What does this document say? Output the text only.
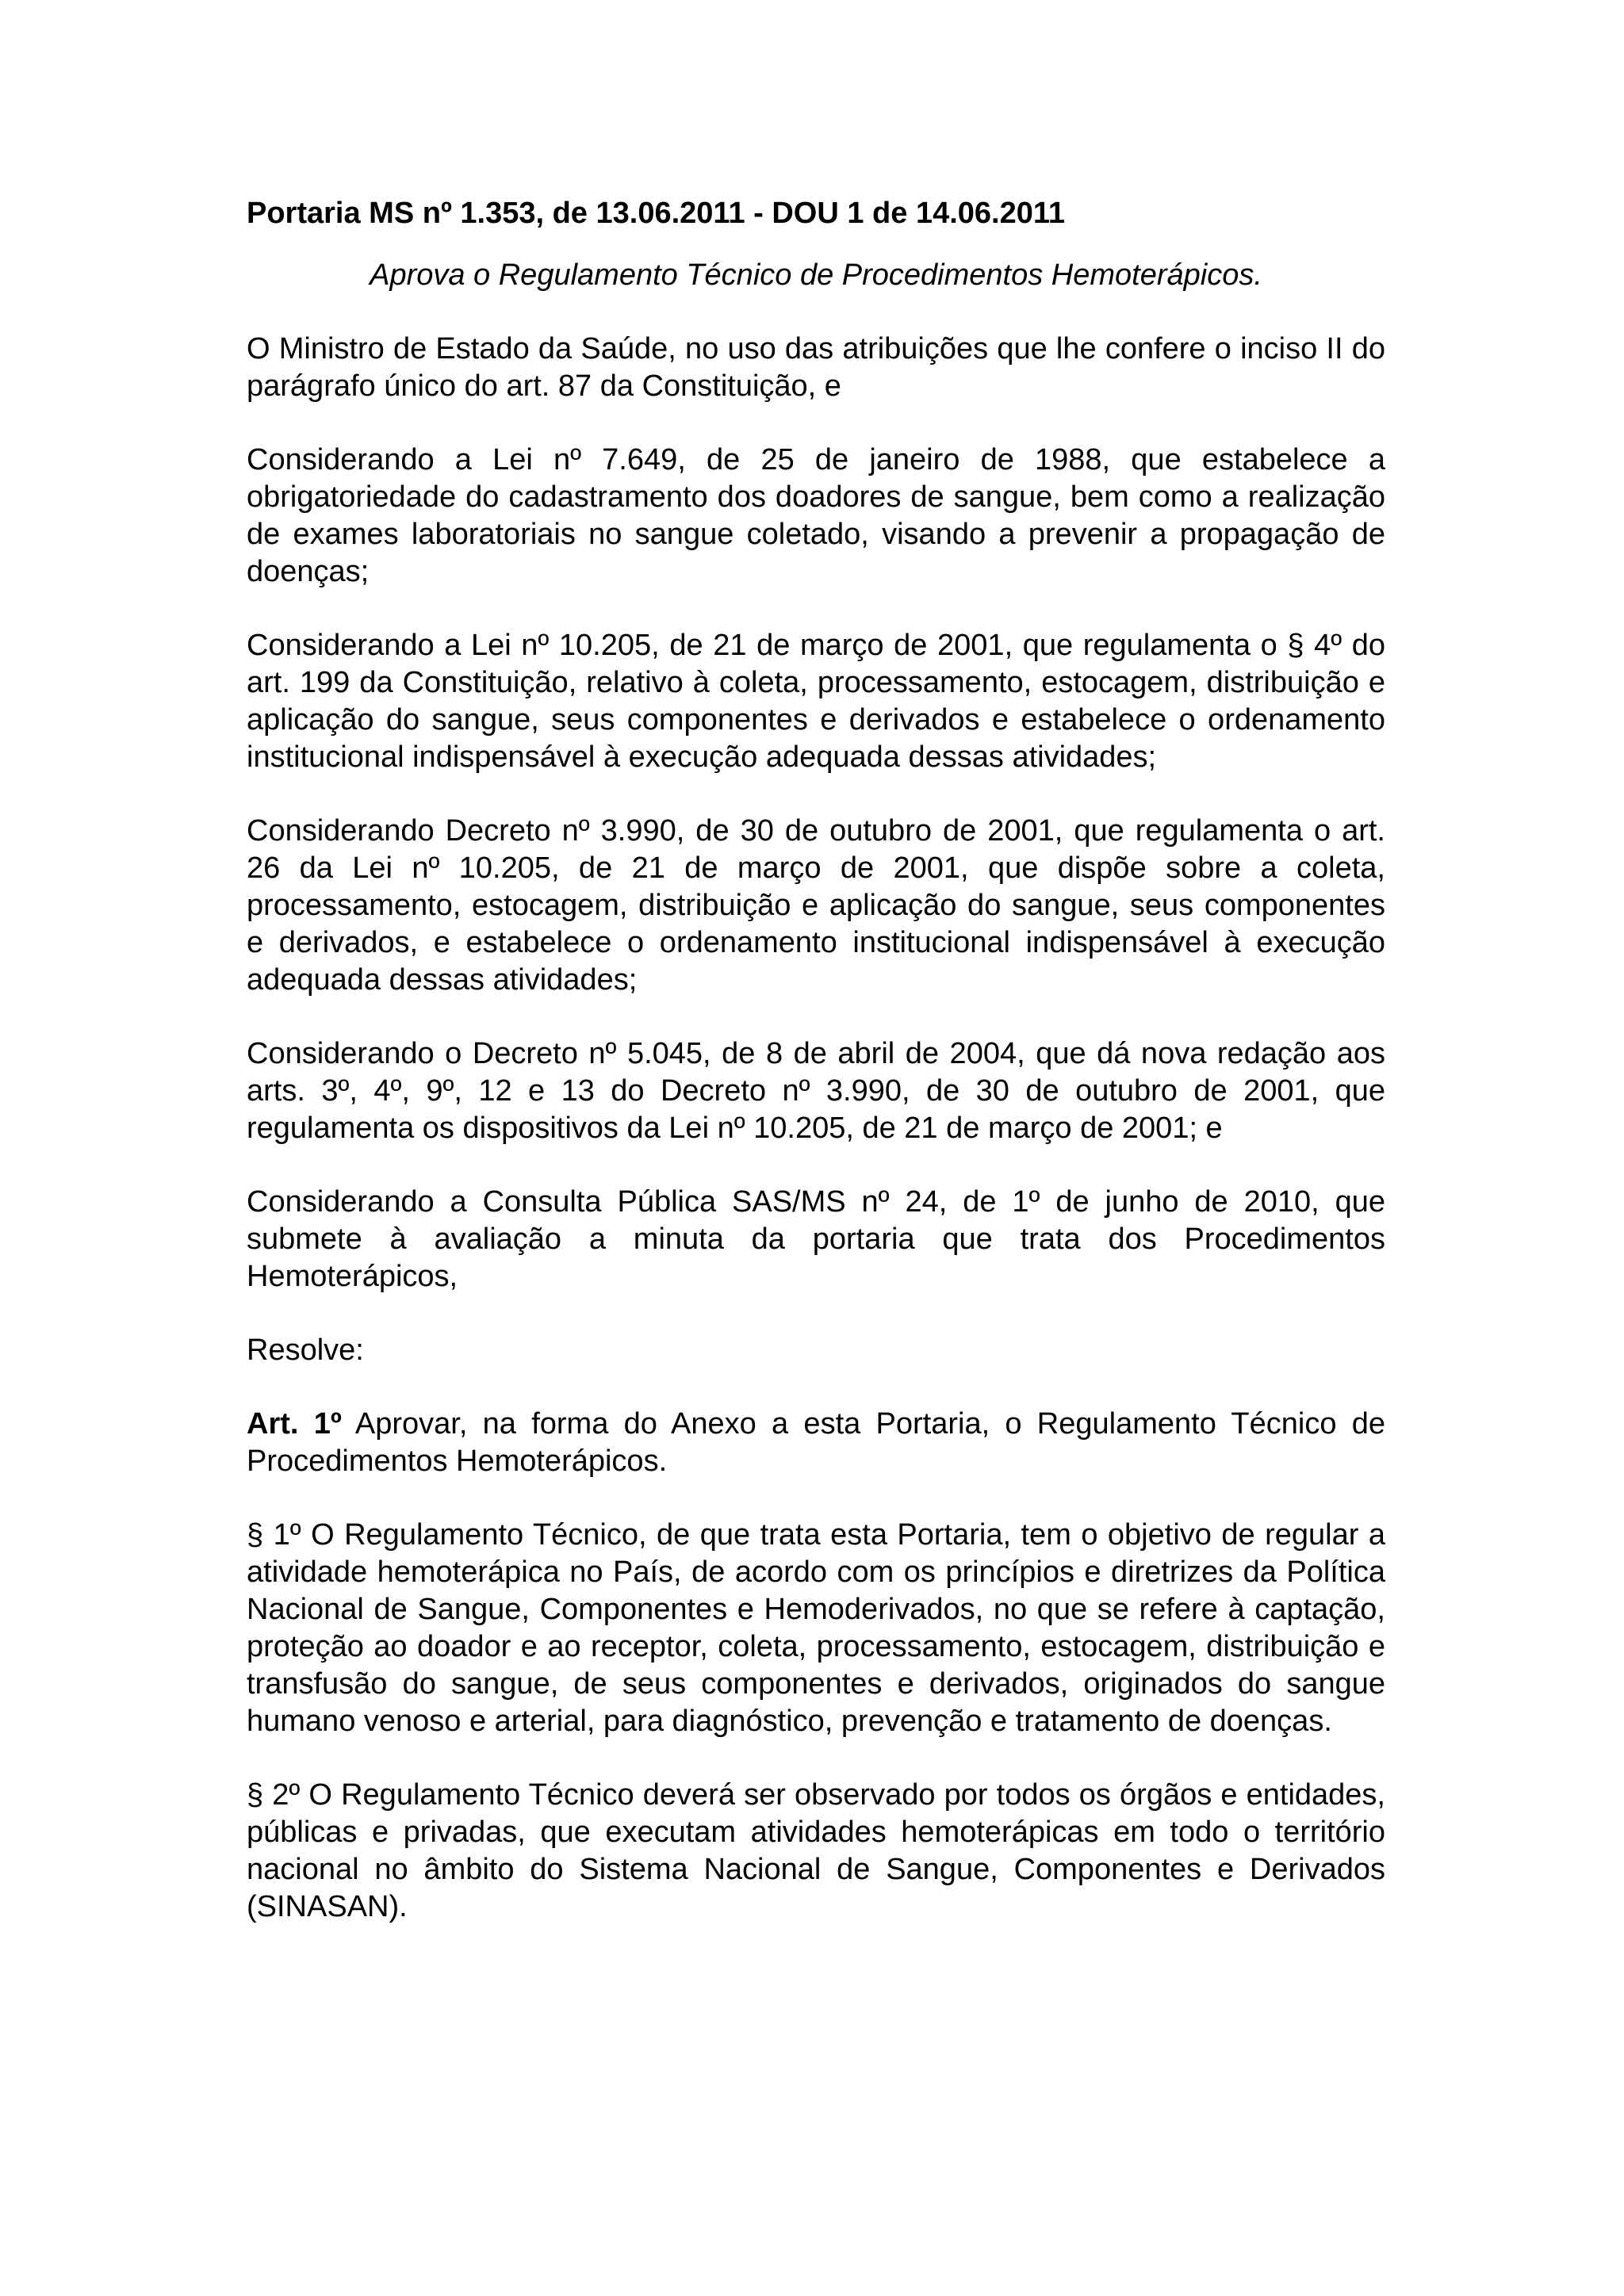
Portaria MS nº 1.353, de 13.06.2011 - DOU 1 de 14.06.2011
Aprova o Regulamento Técnico de Procedimentos Hemoterápicos.

O Ministro de Estado da Saúde, no uso das atribuições que lhe confere o inciso II do parágrafo único do art. 87 da Constituição, e

Considerando a Lei nº 7.649, de 25 de janeiro de 1988, que estabelece a obrigatoriedade do cadastramento dos doadores de sangue, bem como a realização de exames laboratoriais no sangue coletado, visando a prevenir a propagação de doenças;

Considerando a Lei nº 10.205, de 21 de março de 2001, que regulamenta o § 4º do art. 199 da Constituição, relativo à coleta, processamento, estocagem, distribuição e aplicação do sangue, seus componentes e derivados e estabelece o ordenamento institucional indispensável à execução adequada dessas atividades;

Considerando Decreto nº 3.990, de 30 de outubro de 2001, que regulamenta o art. 26 da Lei nº 10.205, de 21 de março de 2001, que dispõe sobre a coleta, processamento, estocagem, distribuição e aplicação do sangue, seus componentes e derivados, e estabelece o ordenamento institucional indispensável à execução adequada dessas atividades;

Considerando o Decreto nº 5.045, de 8 de abril de 2004, que dá nova redação aos arts. 3º, 4º, 9º, 12 e 13 do Decreto nº 3.990, de 30 de outubro de 2001, que regulamenta os dispositivos da Lei nº 10.205, de 21 de março de 2001; e

Considerando a Consulta Pública SAS/MS nº 24, de 1º de junho de 2010, que submete à avaliação a minuta da portaria que trata dos Procedimentos Hemoterápicos,

Resolve:

Art. 1º Aprovar, na forma do Anexo a esta Portaria, o Regulamento Técnico de Procedimentos Hemoterápicos.

§ 1º O Regulamento Técnico, de que trata esta Portaria, tem o objetivo de regular a atividade hemoterápica no País, de acordo com os princípios e diretrizes da Política Nacional de Sangue, Componentes e Hemoderivados, no que se refere à captação, proteção ao doador e ao receptor, coleta, processamento, estocagem, distribuição e transfusão do sangue, de seus componentes e derivados, originados do sangue humano venoso e arterial, para diagnóstico, prevenção e tratamento de doenças.

§ 2º O Regulamento Técnico deverá ser observado por todos os órgãos e entidades, públicas e privadas, que executam atividades hemoterápicas em todo o território nacional no âmbito do Sistema Nacional de Sangue, Componentes e Derivados (SINASAN).
